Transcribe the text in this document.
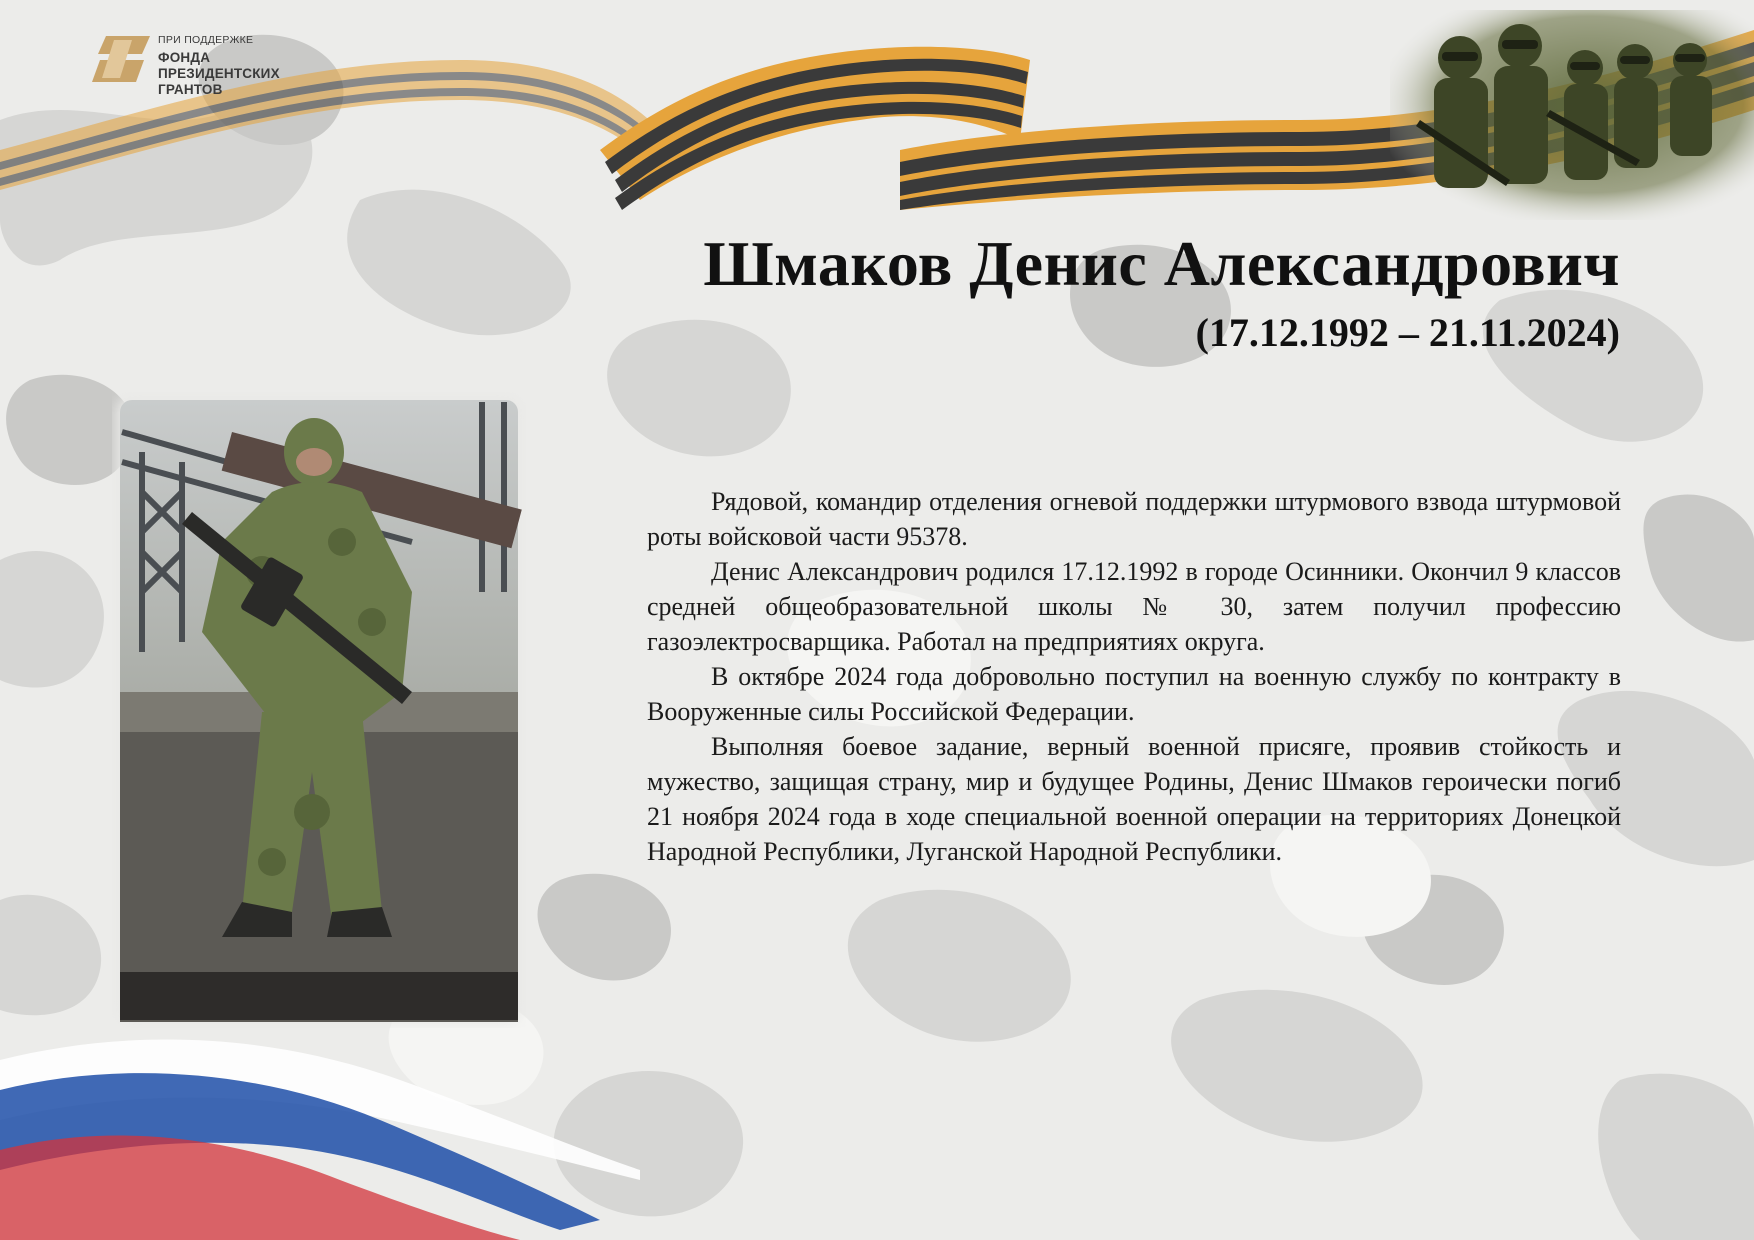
ПРИ ПОДДЕРЖКЕ
ФОНДА
ПРЕЗИДЕНТСКИХ
ГРАНТОВ
Шмаков Денис Александрович
(17.12.1992 – 21.11.2024)

Рядовой, командир отделения огневой поддержки штурмового взвода штурмовой роты войсковой части 95378.

Денис Александрович родился 17.12.1992 в городе Осинники. Окончил 9 классов средней общеобразовательной школы № 30, затем получил профессию газоэлектросварщика. Работал на предприятиях округа.

В октябре 2024 года добровольно поступил на военную службу по контракту в Вооруженные силы Российской Федерации.

Выполняя боевое задание, верный военной присяге, проявив стойкость и мужество, защищая страну, мир и будущее Родины, Денис Шмаков героически погиб 21 ноября 2024 года в ходе специальной военной операции на территориях Донецкой Народной Республики, Луганской Народной Республики.
